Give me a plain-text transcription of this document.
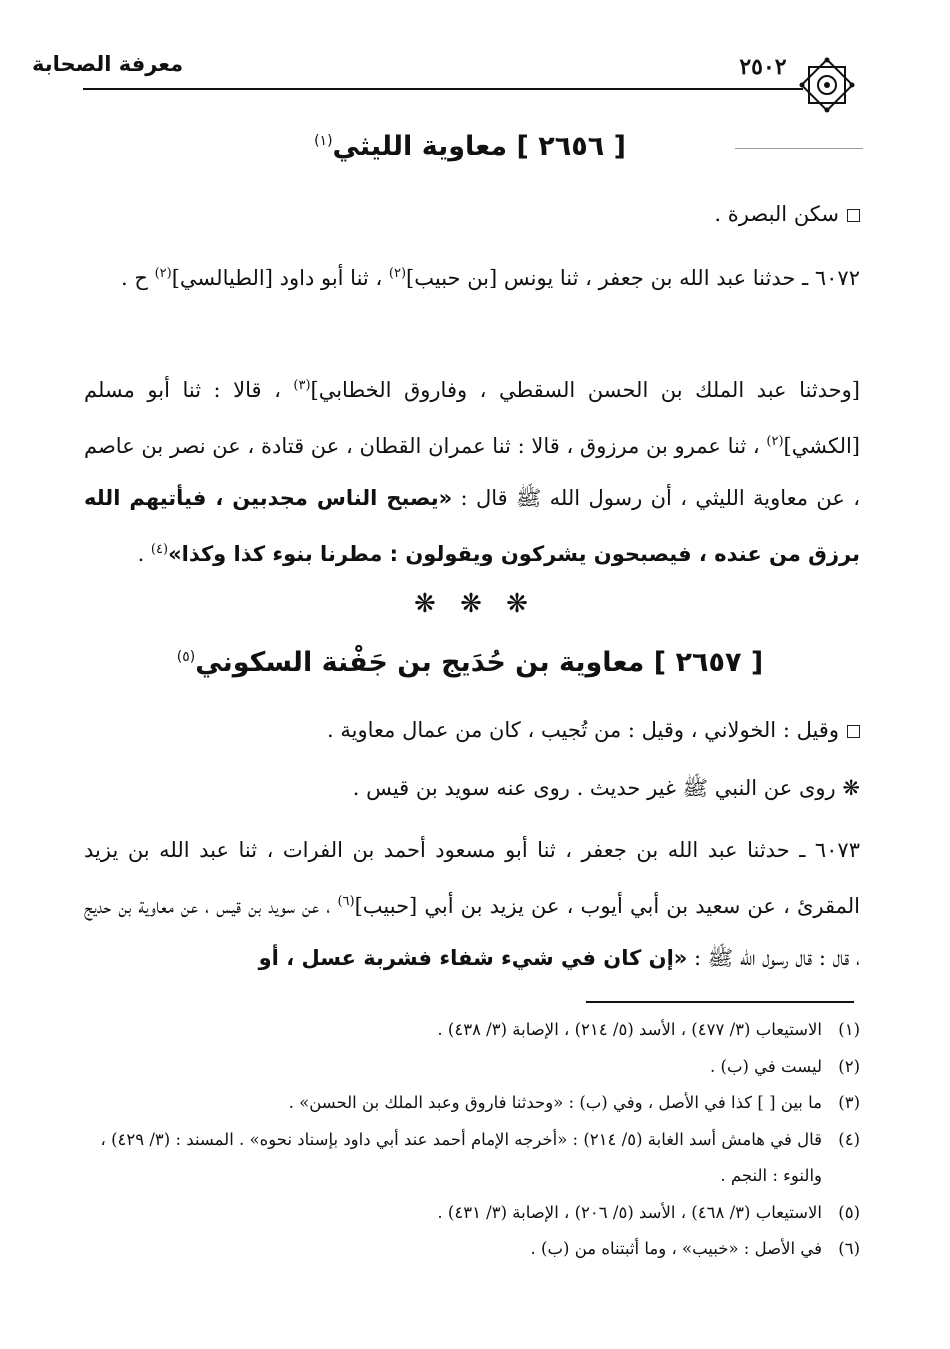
معرفة الصحابة	٢٥٠٢
[ ٢٦٥٦ ] معاوية الليثي$^{(١)}$
سكن البصرة .
٦٠٧٢ ـ حدثنا عبد الله بن جعفر ، ثنا يونس [بن حبيب]$^{(٢)}$ ، ثنا أبو داود [الطيالسي]$^{(٢)}$ ح .
[وحدثنا عبد الملك بن الحسن السقطي ، وفاروق الخطابي]$^{(٣)}$ ، قالا : ثنا أبو مسلم [الكشي]$^{(٢)}$ ، ثنا عمرو بن مرزوق ، قالا : ثنا عمران القطان ، عن قتادة ، عن نصر بن عاصم ، عن معاوية الليثي ، أن رسول الله ﷺ قال : «يصبح الناس مجدبين ، فيأتيهم الله برزق من عنده ، فيصبحون يشركون ويقولون : مطرنا بنوء كذا وكذا»$^{(٤)}$ .
❋ ❋ ❋
[ ٢٦٥٧ ] معاوية بن حُدَيج بن جَفْنة السكوني$^{(٥)}$
وقيل : الخولاني ، وقيل : من تُجيب ، كان من عمال معاوية .
❋ روى عن النبي ﷺ غير حديث . روى عنه سويد بن قيس .
٦٠٧٣ ـ حدثنا عبد الله بن جعفر ، ثنا أبو مسعود أحمد بن الفرات ، ثنا عبد الله بن يزيد المقرئ ، عن سعيد بن أبي أيوب ، عن يزيد بن أبي [حبيب]$^{(٦)}$ ، عن سويد بن قيس ، عن معاوية بن حديج ، قال : قال رسول الله ﷺ : «إن كان في شيء شفاء فشربة عسل ، أو
(١)
الاستيعاب (٣/ ٤٧٧) ، الأسد (٥/ ٢١٤) ، الإصابة (٣/ ٤٣٨) .
(٢)
ليست في (ب) .
(٣)
ما بين [ ] كذا في الأصل ، وفي (ب) : «وحدثنا فاروق وعبد الملك بن الحسن» .
(٤)
قال في هامش أسد الغابة (٥/ ٢١٤) : «أخرجه الإمام أحمد عند أبي داود بإسناد نحوه» . المسند : (٣/ ٤٢٩) ، والنوء : النجم .
(٥)
الاستيعاب (٣/ ٤٦٨) ، الأسد (٥/ ٢٠٦) ، الإصابة (٣/ ٤٣١) .
(٦)
في الأصل : «خبيب» ، وما أثبتناه من (ب) .
